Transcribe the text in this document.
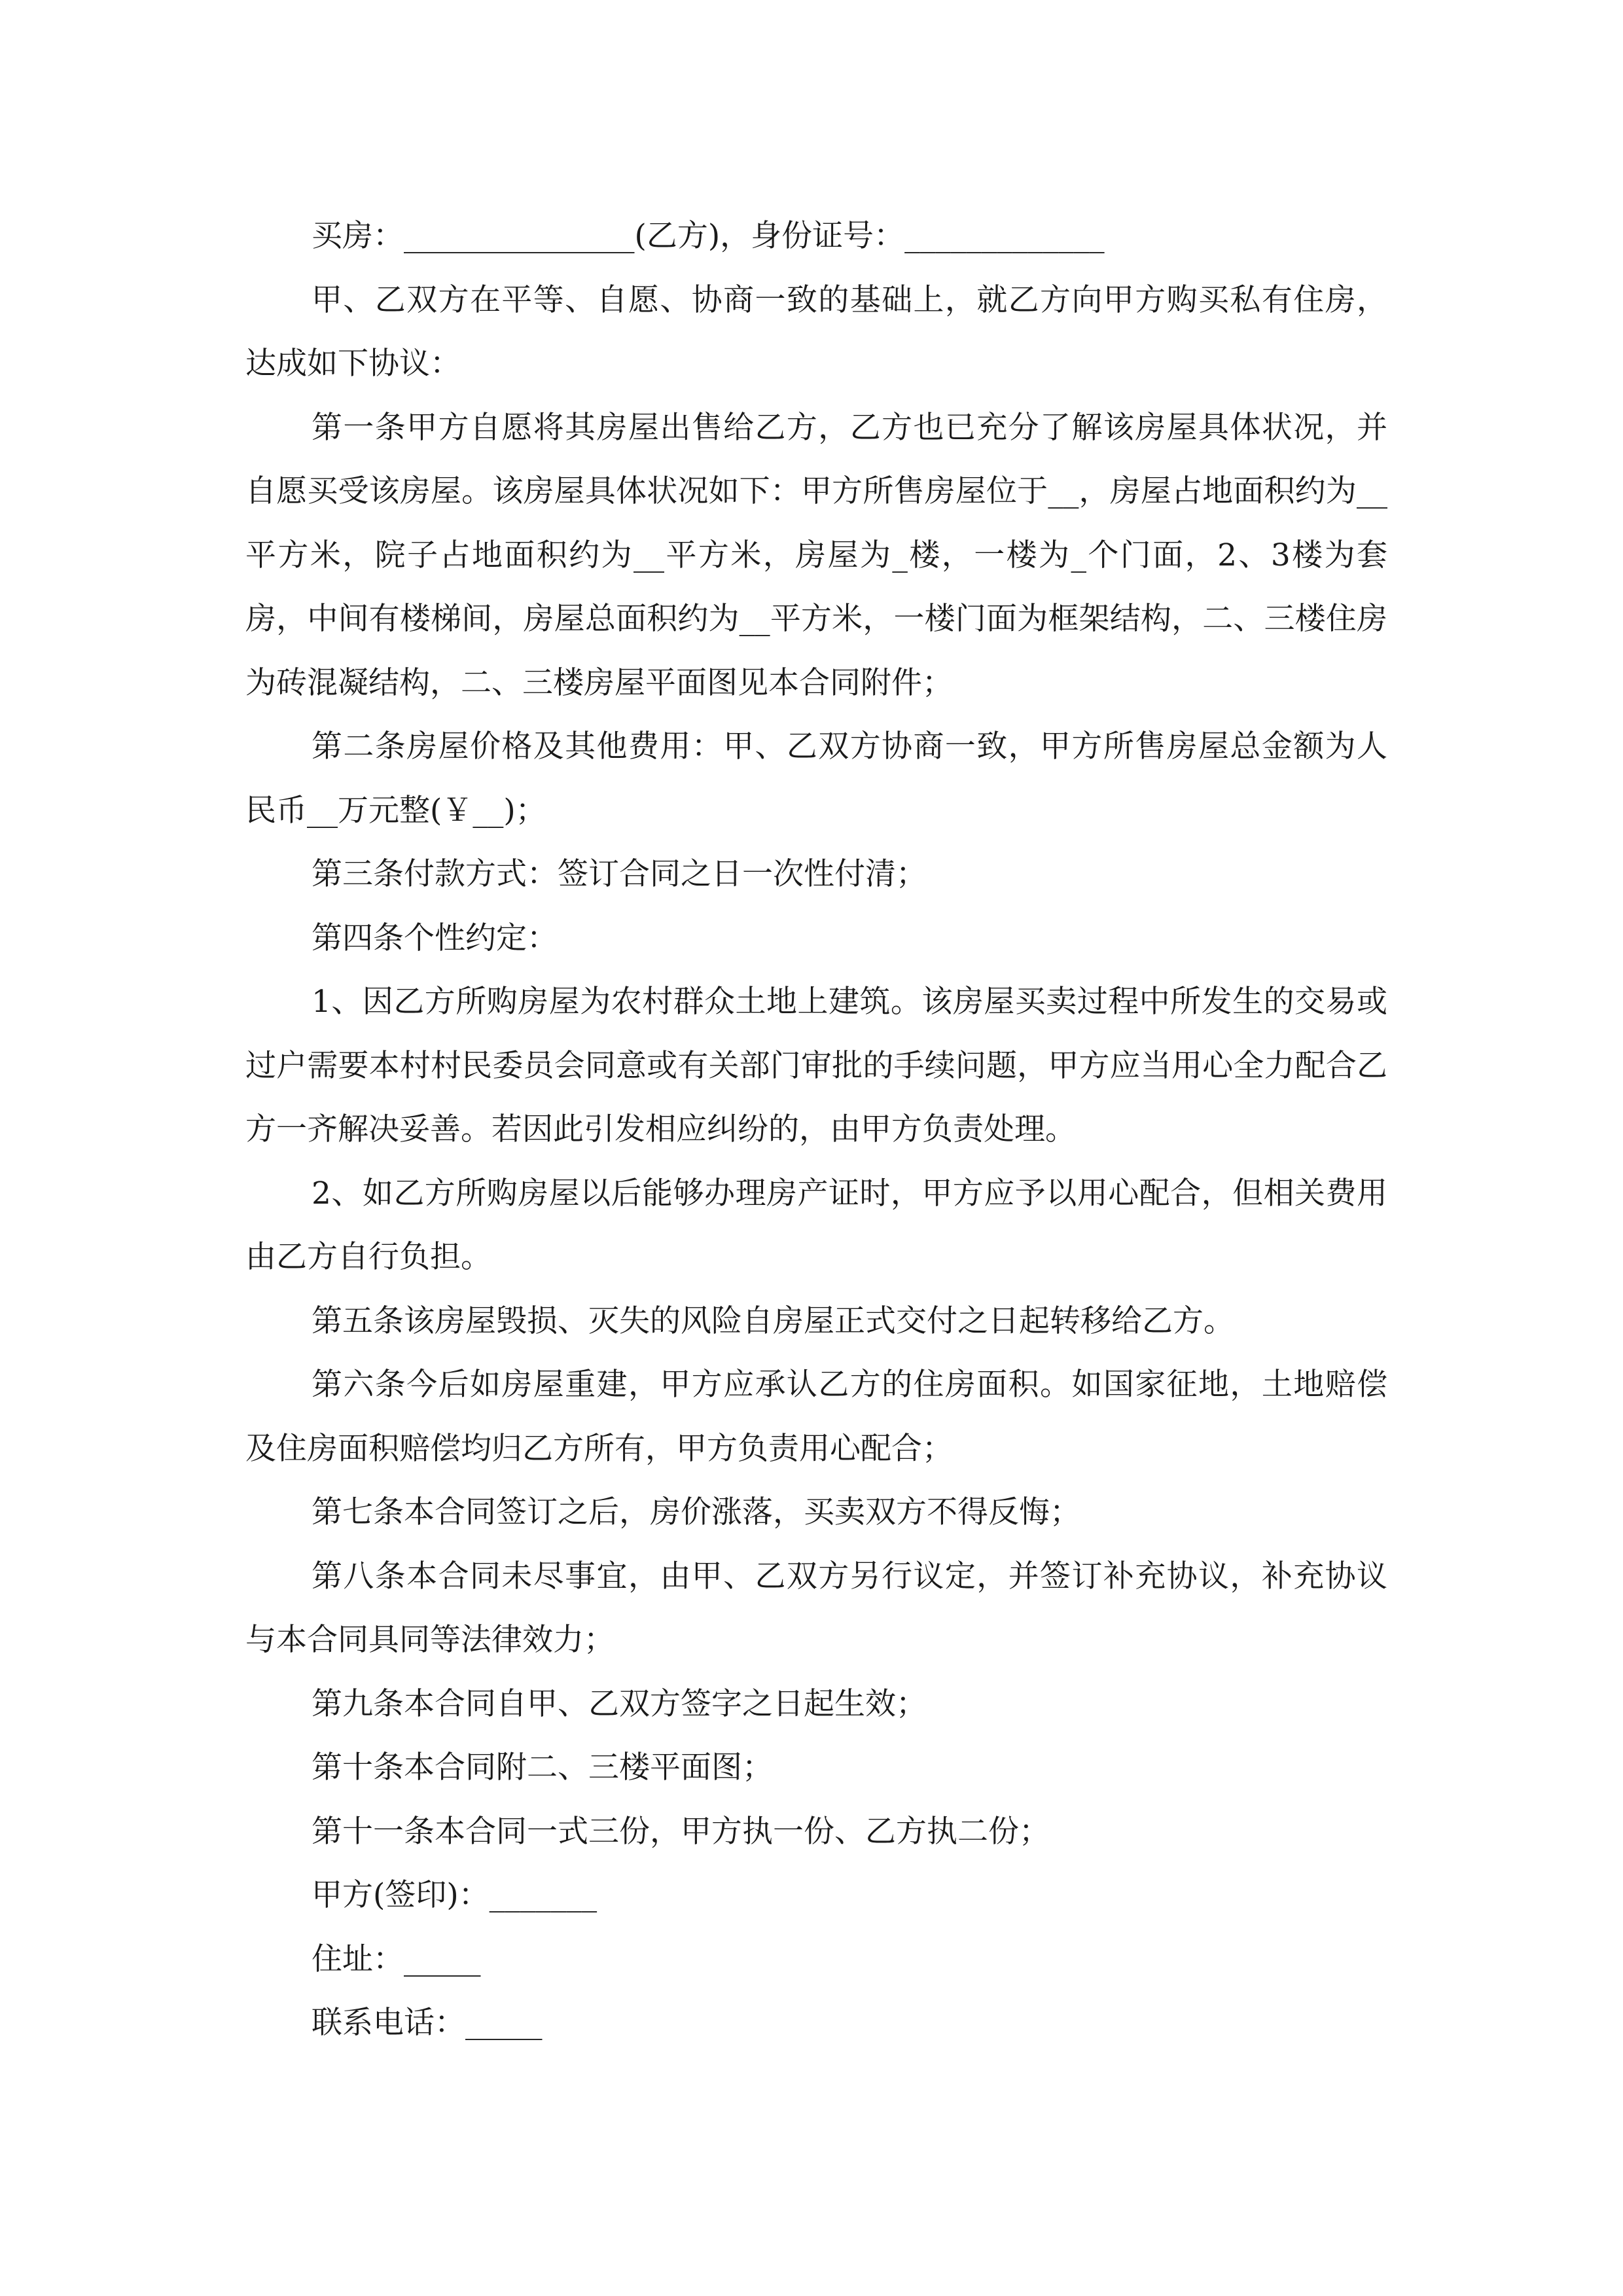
买房：_______________(乙方)，身份证号：_____________

甲、乙双方在平等、自愿、协商一致的基础上，就乙方向甲方购买私有住房，达成如下协议：

第一条甲方自愿将其房屋出售给乙方，乙方也已充分了解该房屋具体状况，并自愿买受该房屋。该房屋具体状况如下：甲方所售房屋位于__，房屋占地面积约为__平方米，院子占地面积约为__平方米，房屋为_楼，一楼为_个门面，2、3楼为套房，中间有楼梯间，房屋总面积约为__平方米，一楼门面为框架结构，二、三楼住房为砖混凝结构，二、三楼房屋平面图见本合同附件；

第二条房屋价格及其他费用：甲、乙双方协商一致，甲方所售房屋总金额为人民币__万元整(￥__)；

第三条付款方式：签订合同之日一次性付清；

第四条个性约定：

1、因乙方所购房屋为农村群众土地上建筑。该房屋买卖过程中所发生的交易或过户需要本村村民委员会同意或有关部门审批的手续问题，甲方应当用心全力配合乙方一齐解决妥善。若因此引发相应纠纷的，由甲方负责处理。

2、如乙方所购房屋以后能够办理房产证时，甲方应予以用心配合，但相关费用由乙方自行负担。

第五条该房屋毁损、灭失的风险自房屋正式交付之日起转移给乙方。

第六条今后如房屋重建，甲方应承认乙方的住房面积。如国家征地，土地赔偿及住房面积赔偿均归乙方所有，甲方负责用心配合；

第七条本合同签订之后，房价涨落，买卖双方不得反悔；

第八条本合同未尽事宜，由甲、乙双方另行议定，并签订补充协议，补充协议与本合同具同等法律效力；

第九条本合同自甲、乙双方签字之日起生效；

第十条本合同附二、三楼平面图；

第十一条本合同一式三份，甲方执一份、乙方执二份；

甲方(签印)：_______

住址：_____

联系电话：_____
